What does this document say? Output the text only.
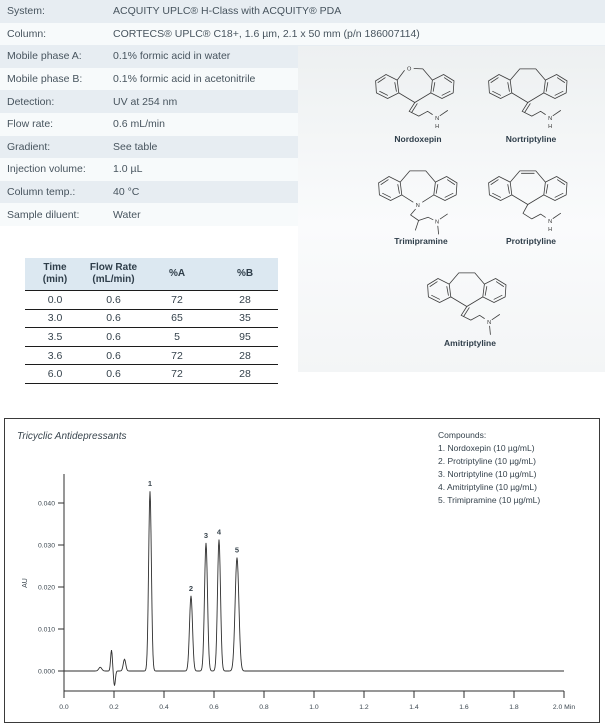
System:	ACQUITY UPLC® H-Class with ACQUITY® PDA
Column:	CORTECS® UPLC® C18+, 1.6 µm, 2.1 x 50 mm (p/n 186007114)
Mobile phase A:	0.1% formic acid in water
Mobile phase B:	0.1% formic acid in acetonitrile
Detection:	UV at 254 nm
Flow rate:	0.6 mL/min
Gradient:	See table
Injection volume:	1.0 µL
Column temp.:	40 °C
Sample diluent:	Water
O
N
H
Nordoxepin
N
H
Nortriptyline
N
N
Trimipramine
N
H
Protriptyline
N
Amitriptyline
Time
(min)
Flow Rate
(mL/min)
%A	%B
0.0	0.6	72	28
3.0	0.6	65	35
3.5	0.6	5	95
3.6	0.6	72	28
6.0	0.6	72	28
Tricyclic Antidepressants	Compounds:
1. Nordoxepin (10 µg/mL)
2. Protriptyline (10 µg/mL)
3. Nortriptyline (10 µg/mL)
4. Amitriptyline (10 µg/mL)
5. Trimipramine (10 µg/mL)
0.000
0.010
0.020
0.030
0.040
0.0	0.2	0.4	0.6	0.8	1.0	1.2	1.4	1.6	1.8	2.0 Min
AU
1
2
3 4
5
